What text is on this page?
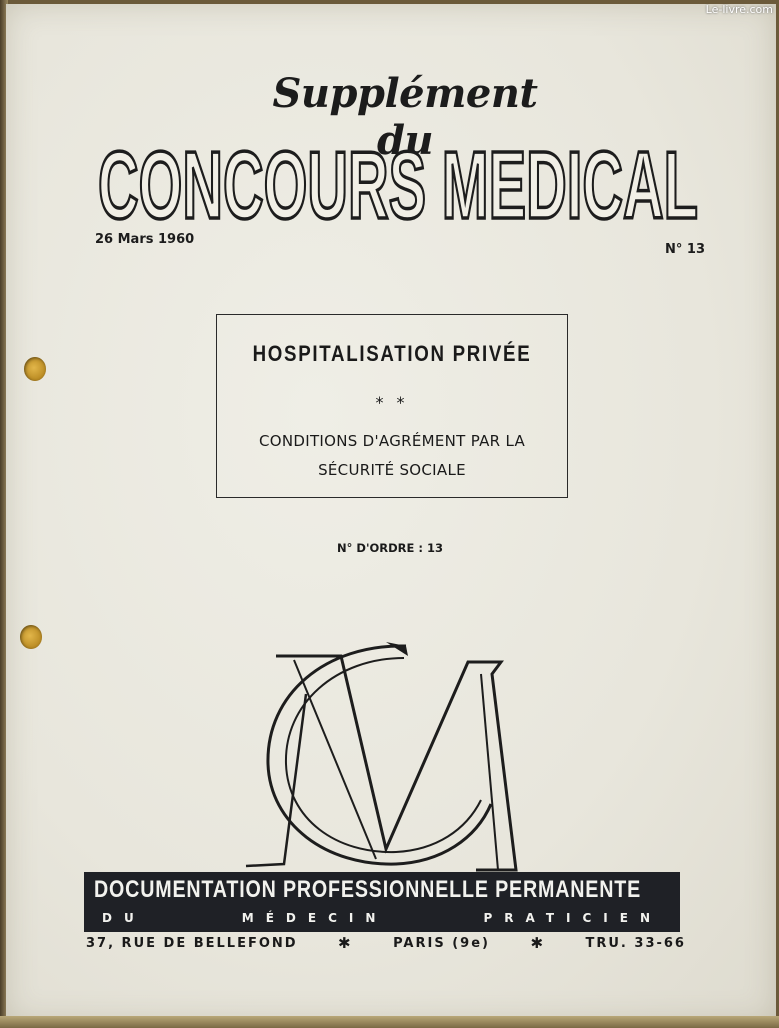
Le-livre.com
Supplément du
CONCOURS MEDICAL
26 Mars 1960
N° 13
HOSPITALISATION PRIVÉE
* *
CONDITIONS D'AGRÉMENT PAR LA
SÉCURITÉ SOCIALE
N° D'ORDRE : 13
DOCUMENTATION PROFESSIONNELLE PERMANENTE
DU	MÉDECIN	PRATICIEN
37, RUE DE BELLEFOND	✱	PARIS (9e)	✱	TRU. 33-66
